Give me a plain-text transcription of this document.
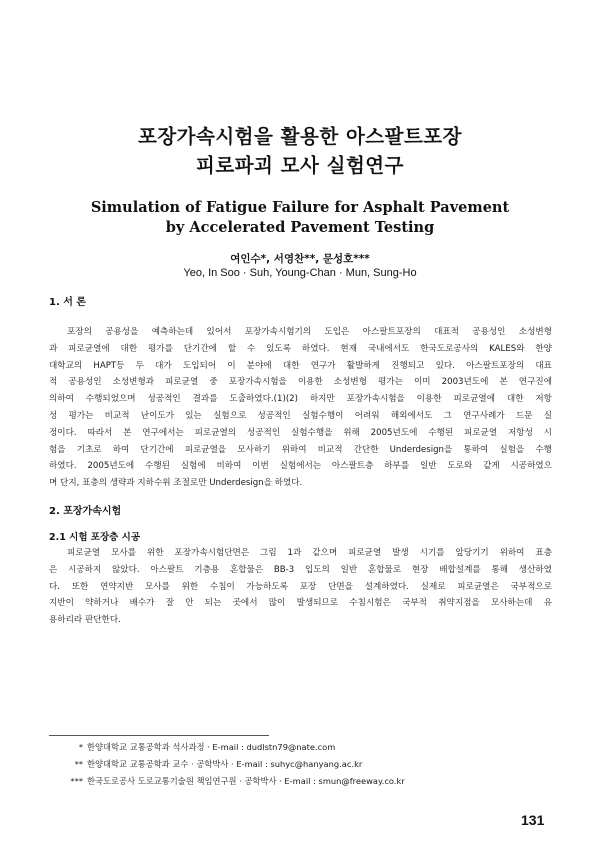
포장가속시험을 활용한 아스팔트포장
피로파괴 모사 실험연구
Simulation of Fatigue Failure for Asphalt Pavement
by Accelerated Pavement Testing
여인수*, 서영찬**, 문성호***
Yeo, In Soo · Suh, Young-Chan · Mun, Sung-Ho
1. 서 론
포장의 공용성을 예측하는데 있어서 포장가속시험기의 도입은 아스팔트포장의 대표적 공용성인 소성변형
과 피로균열에 대한 평가를 단기간에 할 수 있도록 하였다. 현재 국내에서도 한국도로공사의 KALES와 한양
대학교의 HAPT등 두 대가 도입되어 이 분야에 대한 연구가 활발하게 진행되고 있다. 아스팔트포장의 대표
적 공용성인 소성변형과 피로균열 중 포장가속시험을 이용한 소성변형 평가는 이미 2003년도에 본 연구진에
의하여 수행되었으며 성공적인 결과를 도출하였다.(1)(2) 하지만 포장가속시험을 이용한 피로균열에 대한 저항
성 평가는 비교적 난이도가 있는 실험으로 성공적인 실험수행이 어려워 해외에서도 그 연구사례가 드문 실
정이다. 따라서 본 연구에서는 피로균열의 성공적인 실험수행을 위해 2005년도에 수행된 피로균열 저항성 시
험을 기초로 하여 단기간에 피로균열을 모사하기 위하여 비교적 간단한 Underdesign을 통하여 실험을 수행
하였다. 2005년도에 수행된 실험에 비하여 이번 실험에서는 아스팔트층 하부를 일반 도로와 같게 시공하였으
며 단지, 표층의 생략과 지하수위 조절로만 Underdesign을 하였다.
2. 포장가속시험
2.1 시험 포장층 시공
피로균열 모사를 위한 포장가속시험단면은 그림 1과 같으며 피로균열 발생 시기를 앞당기기 위하여 표층
은 시공하지 않았다. 아스팔트 기층용 혼합물은 BB-3 입도의 일반 혼합물로 현장 배합설계를 통해 생산하였
다. 또한 연약지반 모사를 위한 수침이 가능하도록 포장 단면을 설계하였다. 실제로 피로균열은 국부적으로
지반이 약하거나 배수가 잘 안 되는 곳에서 많이 발생되므로 수침시험은 국부적 취약지점을 모사하는데 유
용하리라 판단한다.
* 한양대학교 교통공학과 석사과정 · E-mail : dudlstn79@nate.com
** 한양대학교 교통공학과 교수 · 공학박사 · E-mail : suhyc@hanyang.ac.kr
*** 한국도로공사 도로교통기술원 책임연구원 · 공학박사 · E-mail : smun@freeway.co.kr
131
